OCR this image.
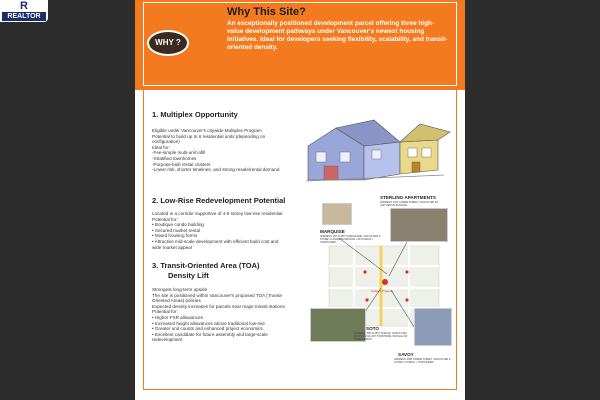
R
REALTOR
WHY ?
Why This Site?
An exceptionally positioned development parcel offering three high-value development pathways under Vancouver's newest housing initiatives. Ideal for developers seeking flexibility, scalability, and transit-oriented density.
1. Multiplex Opportunity
Eligible under Vancouver's citywide Multiplex Program
Potential to build up to 6 residential units (depending on
configuration)
Ideal for:
-Fee-simple multi-unit infill
-Stratified townhomes
-Purpose-built rental clusters
-Lower risk, shorter timelines, and strong resale/rental demand
2. Low-Rise Redevelopment Potential
Located in a corridor supportive of 4-6 storey low-rise residential
Potential for:
• Boutique condo building
• Secured market rental
• Mixed housing forms
• Attractive mid-scale development with efficient build cost and
wide market appeal
3. Transit-Oriented Area (TOA)
Density Lift
Strongest long-term upside
The site is positioned within Vancouver's proposed TOA (Transit-
Oriented Areas) policies
Expected density increases for parcels near major transit stations
Potential for:
• Higher FSR allowances
• Increased height allowances above traditional low-rise
• Greater unit counts and enhanced project economics
• Excellent candidate for future assembly and large-scale
redevelopment
Subject Property
STERLING APARTMENTS
ADDRESS: 4152 CAMBIE STREET, VANCOUVER 6X-UNIT RENTAL BUILDING
MARQUISE
ADDRESS: 465 W 26TH AVENUE #ME, VANCOUVER 6-STOREY CONCRETE MID-RISE / 28 CONDOS + TOWNHOMES
SOTO
ADDRESS: 585 W 26TH AVENUE, VANCOUVER BOUTIQUE 60-UNIT TOWNHOME / BUNGALOW DEVELOPMENT
SAVOY
ADDRESS: 3585 CAMBIE STREET, VANCOUVER 6-STOREY CONDOS + TOWNHOMES
